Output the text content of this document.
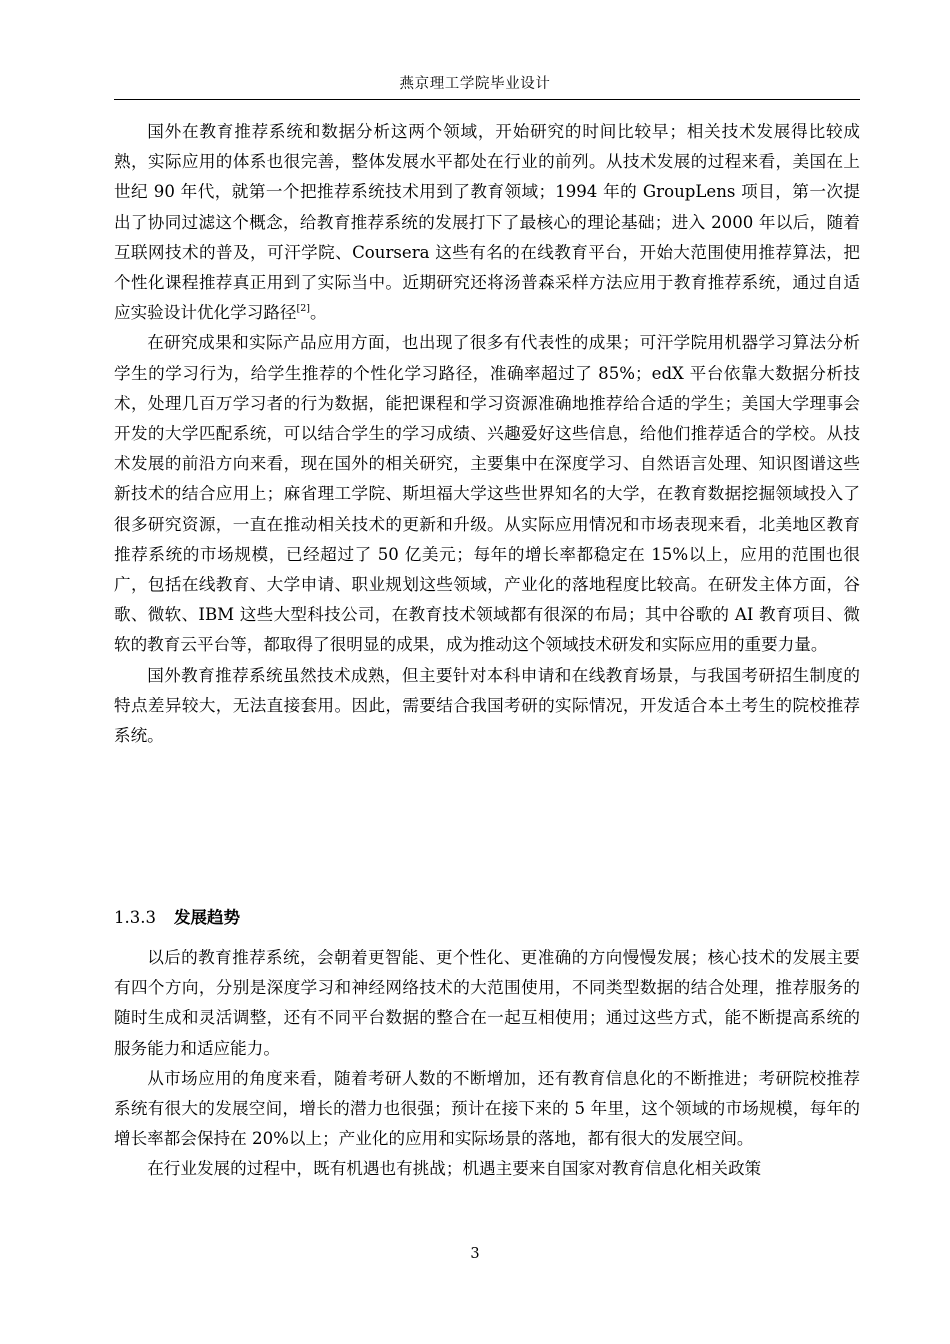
燕京理工学院毕业设计

国外在教育推荐系统和数据分析这两个领域，开始研究的时间比较早；相关技术发展得比较成熟，实际应用的体系也很完善，整体发展水平都处在行业的前列。从技术发展的过程来看，美国在上世纪 90 年代，就第一个把推荐系统技术用到了教育领域；1994 年的 GroupLens 项目，第一次提出了协同过滤这个概念，给教育推荐系统的发展打下了最核心的理论基础；进入 2000 年以后，随着互联网技术的普及，可汗学院、Coursera 这些有名的在线教育平台，开始大范围使用推荐算法，把个性化课程推荐真正用到了实际当中。近期研究还将汤普森采样方法应用于教育推荐系统，通过自适应实验设计优化学习路径[2]。

在研究成果和实际产品应用方面，也出现了很多有代表性的成果；可汗学院用机器学习算法分析学生的学习行为，给学生推荐的个性化学习路径，准确率超过了 85%；edX 平台依靠大数据分析技术，处理几百万学习者的行为数据，能把课程和学习资源准确地推荐给合适的学生；美国大学理事会开发的大学匹配系统，可以结合学生的学习成绩、兴趣爱好这些信息，给他们推荐适合的学校。从技术发展的前沿方向来看，现在国外的相关研究，主要集中在深度学习、自然语言处理、知识图谱这些新技术的结合应用上；麻省理工学院、斯坦福大学这些世界知名的大学，在教育数据挖掘领域投入了很多研究资源，一直在推动相关技术的更新和升级。从实际应用情况和市场表现来看，北美地区教育推荐系统的市场规模，已经超过了 50 亿美元；每年的增长率都稳定在 15%以上，应用的范围也很广，包括在线教育、大学申请、职业规划这些领域，产业化的落地程度比较高。在研发主体方面，谷歌、微软、IBM 这些大型科技公司，在教育技术领域都有很深的布局；其中谷歌的 AI 教育项目、微软的教育云平台等，都取得了很明显的成果，成为推动这个领域技术研发和实际应用的重要力量。

国外教育推荐系统虽然技术成熟，但主要针对本科申请和在线教育场景，与我国考研招生制度的特点差异较大，无法直接套用。因此，需要结合我国考研的实际情况，开发适合本土考生的院校推荐系统。

1.3.3 发展趋势

以后的教育推荐系统，会朝着更智能、更个性化、更准确的方向慢慢发展；核心技术的发展主要有四个方向，分别是深度学习和神经网络技术的大范围使用，不同类型数据的结合处理，推荐服务的随时生成和灵活调整，还有不同平台数据的整合在一起互相使用；通过这些方式，能不断提高系统的服务能力和适应能力。

从市场应用的角度来看，随着考研人数的不断增加，还有教育信息化的不断推进；考研院校推荐系统有很大的发展空间，增长的潜力也很强；预计在接下来的 5 年里，这个领域的市场规模，每年的增长率都会保持在 20%以上；产业化的应用和实际场景的落地，都有很大的发展空间。

在行业发展的过程中，既有机遇也有挑战；机遇主要来自国家对教育信息化相关政策

3
